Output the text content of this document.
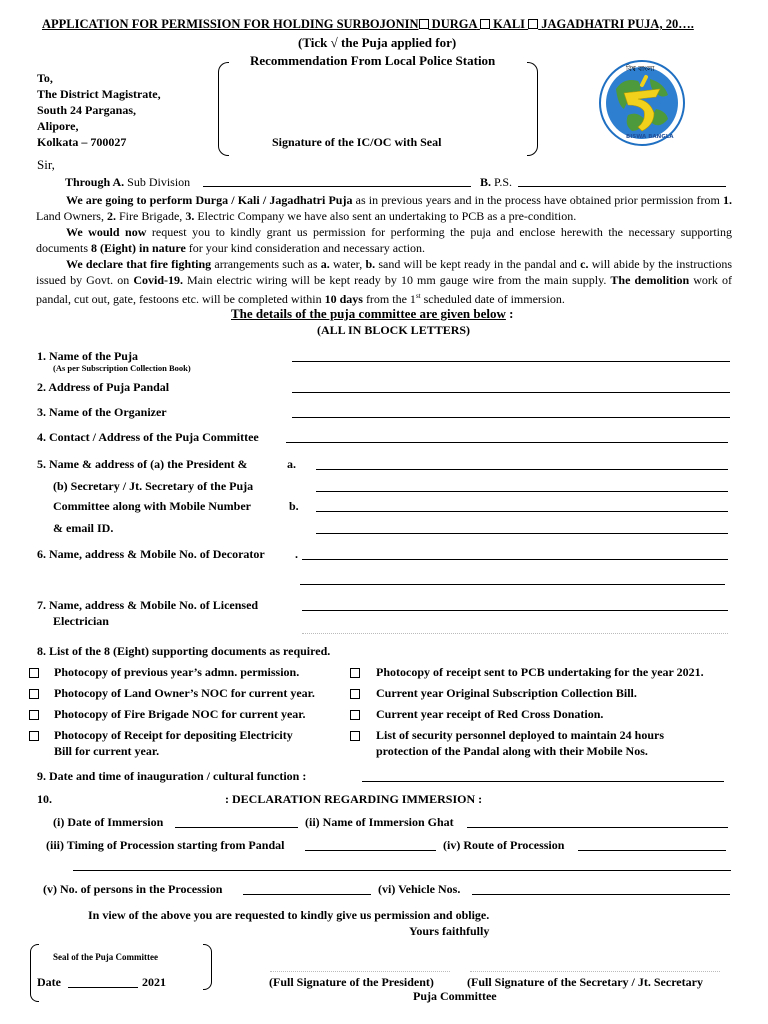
APPLICATION FOR PERMISSION FOR HOLDING SURBOJONIN DURGA KALI JAGADHATRI PUJA, 20….
(Tick √ the Puja applied for)
Recommendation From Local Police Station
Signature of the IC/OC with Seal
বিশ্ব বাংলা
BISWA BANGLA
To,
The District Magistrate,
South 24 Parganas,
Alipore,
Kolkata – 700027
Sir,
Through A. Sub Division	B. P.S.
We are going to perform Durga / Kali / Jagadhatri Puja as in previous years and in the process have obtained prior permission from 1. Land Owners, 2. Fire Brigade, 3. Electric Company we have also sent an undertaking to PCB as a pre-condition.
We would now request you to kindly grant us permission for performing the puja and enclose herewith the necessary supporting documents 8 (Eight) in nature for your kind consideration and necessary action.
We declare that fire fighting arrangements such as a. water, b. sand will be kept ready in the pandal and c. will abide by the instructions issued by Govt. on Covid-19. Main electric wiring will be kept ready by 10 mm gauge wire from the main supply. The demolition work of pandal, cut out, gate, festoons etc. will be completed within 10 days from the 1st scheduled date of immersion.
The details of the puja committee are given below :
(ALL IN BLOCK LETTERS)
1. Name of the Puja
(As per Subscription Collection Book)
2. Address of Puja Pandal
3. Name of the Organizer
4. Contact / Address of the Puja Committee
5. Name & address of (a) the President &	a.
(b) Secretary / Jt. Secretary of the Puja
Committee along with Mobile Number	b.
& email ID.
6. Name, address & Mobile No. of Decorator	.
7. Name, address & Mobile No. of Licensed
Electrician
8. List of the 8 (Eight) supporting documents as required.
Photocopy of previous year’s admn. permission.
Photocopy of Land Owner’s NOC for current year.
Photocopy of Fire Brigade NOC for current year.
Photocopy of Receipt for depositing Electricity
Bill for current year.
Photocopy of receipt sent to PCB undertaking for the year 2021.
Current year Original Subscription Collection Bill.
Current year receipt of Red Cross Donation.
List of security personnel deployed to maintain 24 hours
protection of the Pandal along with their Mobile Nos.
9. Date and time of inauguration / cultural function :
10.	: DECLARATION REGARDING IMMERSION :
(i) Date of Immersion	(ii) Name of Immersion Ghat
(iii) Timing of Procession starting from Pandal	(iv) Route of Procession
(v) No. of persons in the Procession	(vi) Vehicle Nos.
In view of the above you are requested to kindly give us permission and oblige.
Yours faithfully
Seal of the Puja Committee
Date	2021	(Full Signature of the President)	(Full Signature of the Secretary / Jt. Secretary
Puja Committee
